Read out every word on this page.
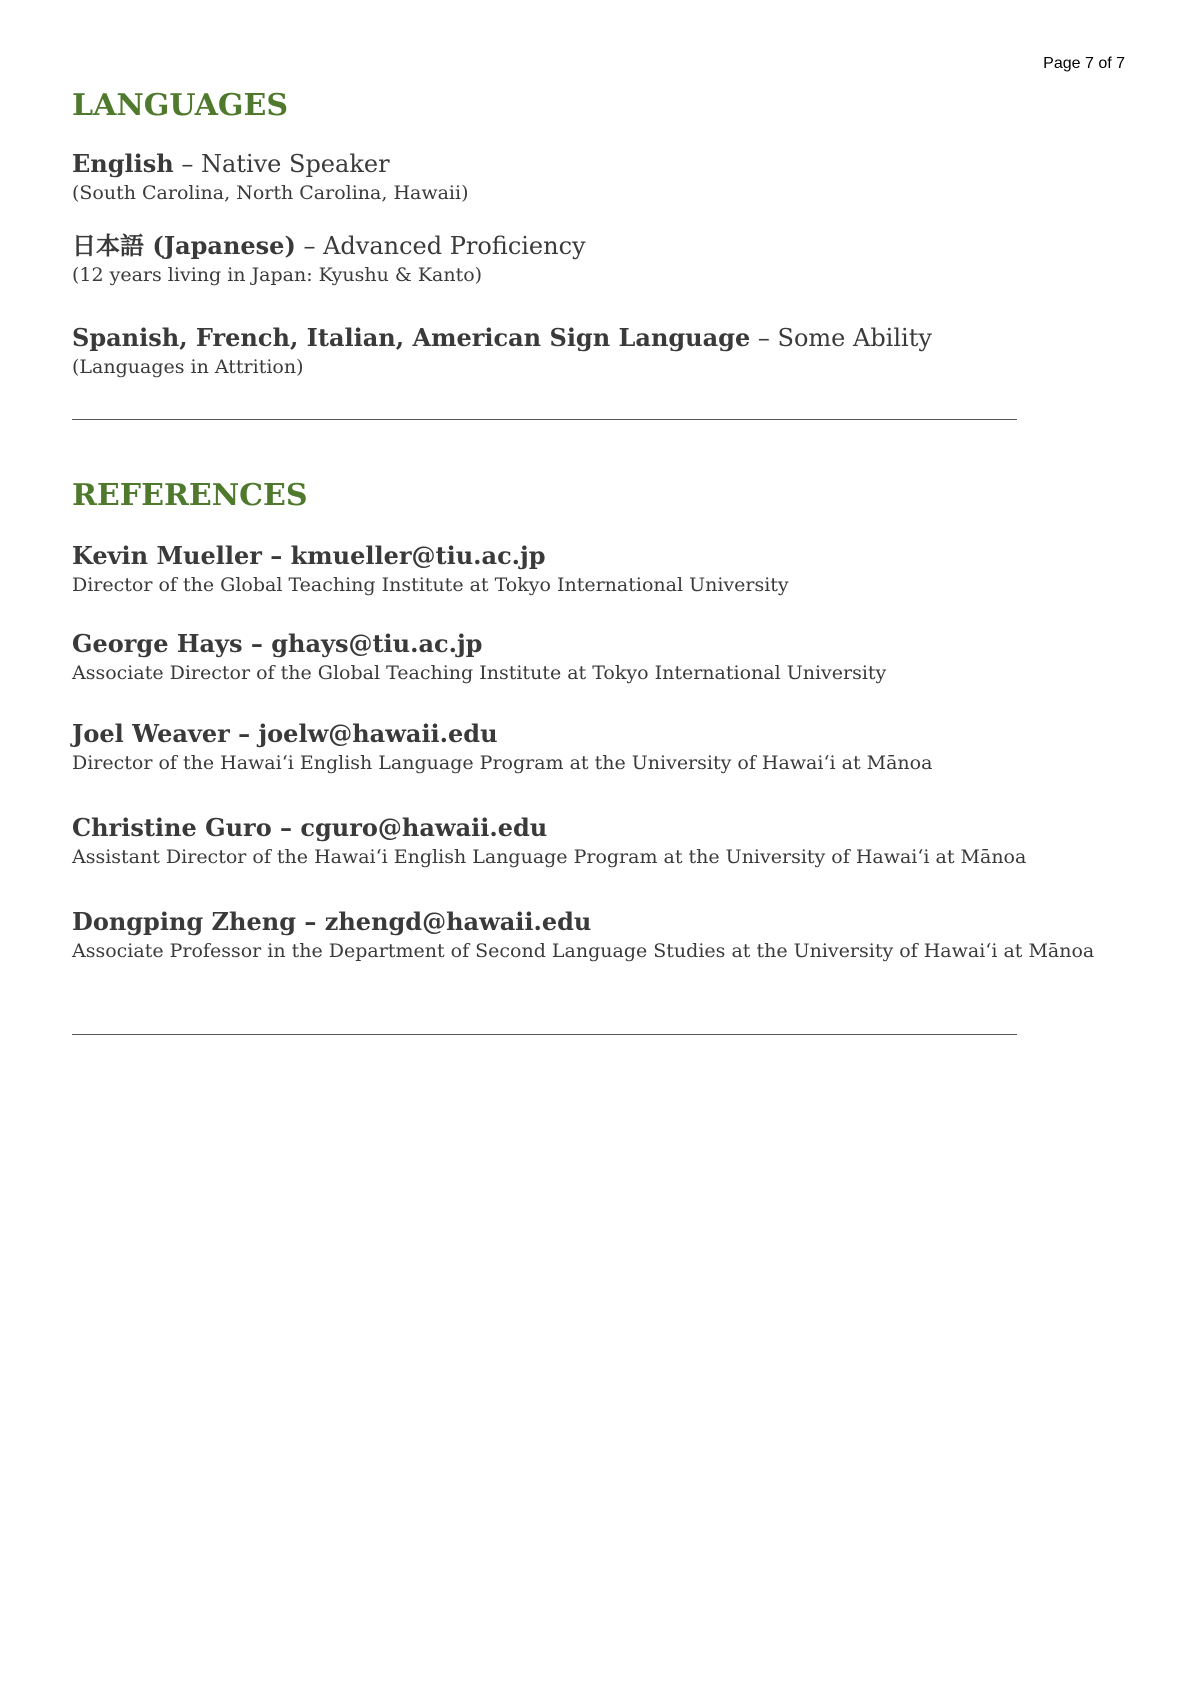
Page 7 of 7
LANGUAGES

English – Native Speaker

(South Carolina, North Carolina, Hawaii)

日本語 (Japanese) – Advanced Proficiency

(12 years living in Japan: Kyushu & Kanto)

Spanish, French, Italian, American Sign Language – Some Ability

(Languages in Attrition)

REFERENCES

Kevin Mueller – kmueller@tiu.ac.jp

Director of the Global Teaching Institute at Tokyo International University

George Hays – ghays@tiu.ac.jp

Associate Director of the Global Teaching Institute at Tokyo International University

Joel Weaver – joelw@hawaii.edu

Director of the Hawai‘i English Language Program at the University of Hawai‘i at Mānoa

Christine Guro – cguro@hawaii.edu

Assistant Director of the Hawai‘i English Language Program at the University of Hawai‘i at Mānoa

Dongping Zheng – zhengd@hawaii.edu

Associate Professor in the Department of Second Language Studies at the University of Hawai‘i at Mānoa
